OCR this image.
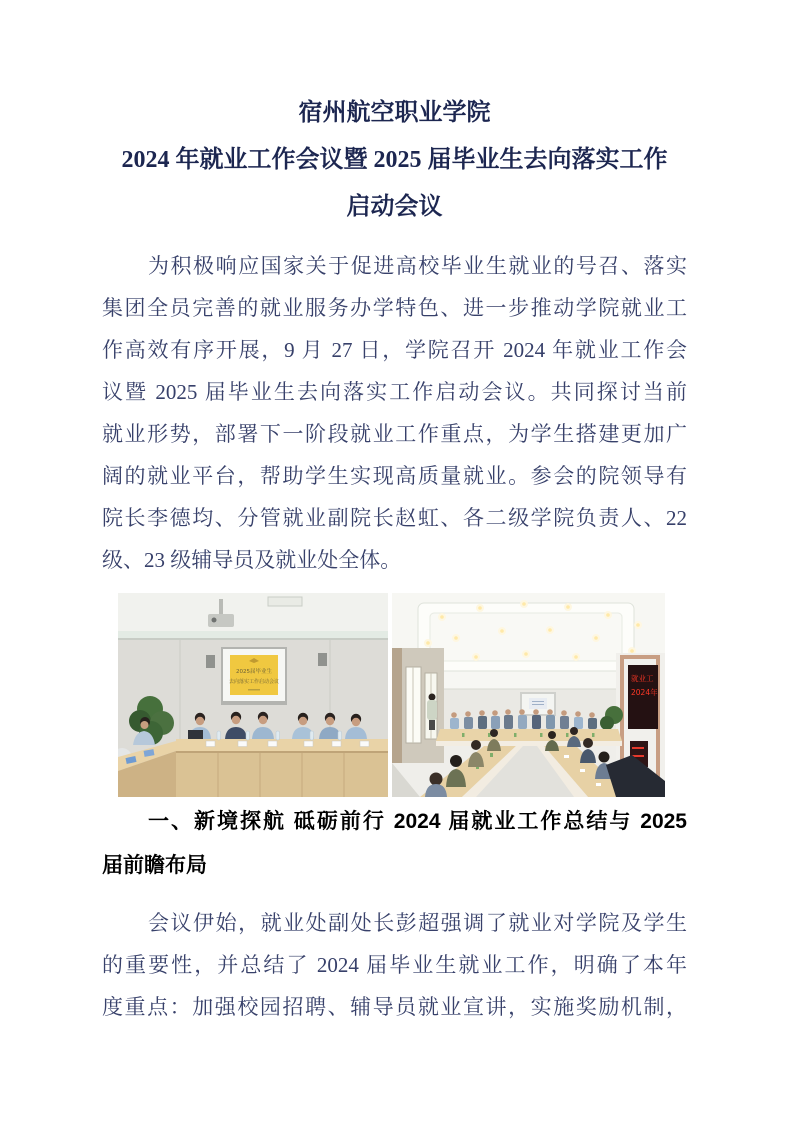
宿州航空职业学院
2024 年就业工作会议暨 2025 届毕业生去向落实工作
启动会议
为积极响应国家关于促进高校毕业生就业的号召、落实
集团全员完善的就业服务办学特色、进一步推动学院就业工
作高效有序开展，9 月 27 日，学院召开 2024 年就业工作会
议暨 2025 届毕业生去向落实工作启动会议。共同探讨当前
就业形势，部署下一阶段就业工作重点，为学生搭建更加广
阔的就业平台，帮助学生实现高质量就业。参会的院领导有
院长李德均、分管就业副院长赵虹、各二级学院负责人、22
级、23 级辅导员及就业处全体。
2025届毕业生
去向落实工作启动会议	就业工
2024年
一、新境探航 砥砺前行 2024 届就业工作总结与 2025
届前瞻布局
会议伊始，就业处副处长彭超强调了就业对学院及学生
的重要性，并总结了 2024 届毕业生就业工作，明确了本年
度重点：加强校园招聘、辅导员就业宣讲，实施奖励机制，
